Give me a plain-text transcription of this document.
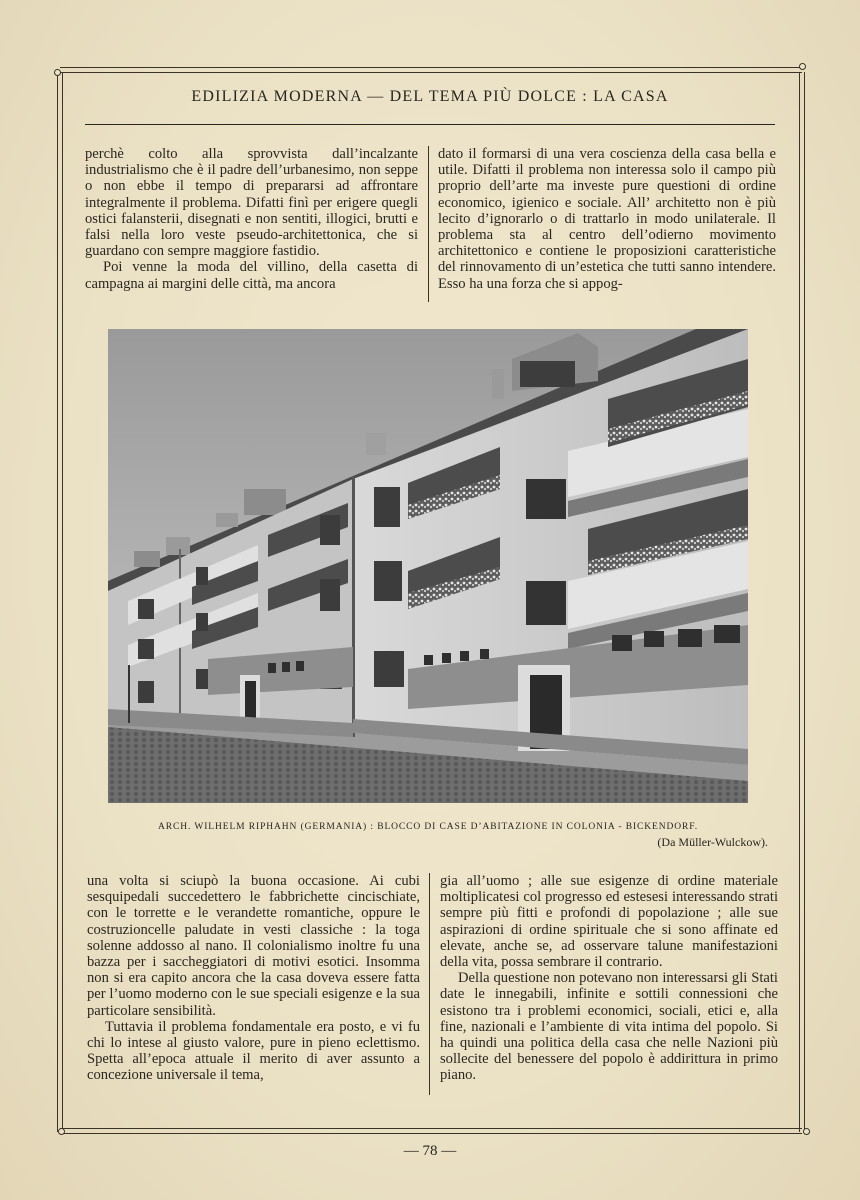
EDILIZIA MODERNA — DEL TEMA PIÙ DOLCE : LA CASA

perchè colto alla sprovvista dall’incalzante industrialismo che è il padre dell’urbanesimo, non seppe o non ebbe il tempo di prepararsi ad affrontare integralmente il problema. Difatti finì per erigere quegli ostici falansterii, disegnati e non sentiti, illogici, brutti e falsi nella loro veste pseudo-architettonica, che si guardano con sempre maggiore fastidio.

Poi venne la moda del villino, della casetta di campagna ai margini delle città, ma ancora

dato il formarsi di una vera coscienza della casa bella e utile. Difatti il problema non interessa solo il campo più proprio dell’arte ma investe pure questioni di ordine economico, igienico e sociale. All’ architetto non è più lecito d’ignorarlo o di trattarlo in modo unilaterale. Il problema sta al centro dell’odierno movimento architettonico e contiene le proposizioni caratteristiche del rinnovamento di un’estetica che tutti sanno intendere. Esso ha una forza che si appog-

ARCH. WILHELM RIPHAHN (GERMANIA) : BLOCCO DI CASE D’ABITAZIONE IN COLONIA - BICKENDORF.
(Da Müller-Wulckow).

una volta si sciupò la buona occasione. Ai cubi sesquipedali succedettero le fabbrichette cincischiate, con le torrette e le verandette romantiche, oppure le costruzioncelle paludate in vesti classiche : la toga solenne addosso al nano. Il colonialismo inoltre fu una bazza per i saccheggiatori di motivi esotici. Insomma non si era capito ancora che la casa doveva essere fatta per l’uomo moderno con le sue speciali esigenze e la sua particolare sensibilità.

Tuttavia il problema fondamentale era posto, e vi fu chi lo intese al giusto valore, pure in pieno eclettismo. Spetta all’epoca attuale il merito di aver assunto a concezione universale il tema,

gia all’uomo ; alle sue esigenze di ordine materiale moltiplicatesi col progresso ed estesesi interessando strati sempre più fitti e profondi di popolazione ; alle sue aspirazioni di ordine spirituale che si sono affinate ed elevate, anche se, ad osservare talune manifestazioni della vita, possa sembrare il contrario.

Della questione non potevano non interessarsi gli Stati date le innegabili, infinite e sottili connessioni che esistono tra i problemi economici, sociali, etici e, alla fine, nazionali e l’ambiente di vita intima del popolo. Si ha quindi una politica della casa che nelle Nazioni più sollecite del benessere del popolo è addirittura in primo piano.

— 78 —
